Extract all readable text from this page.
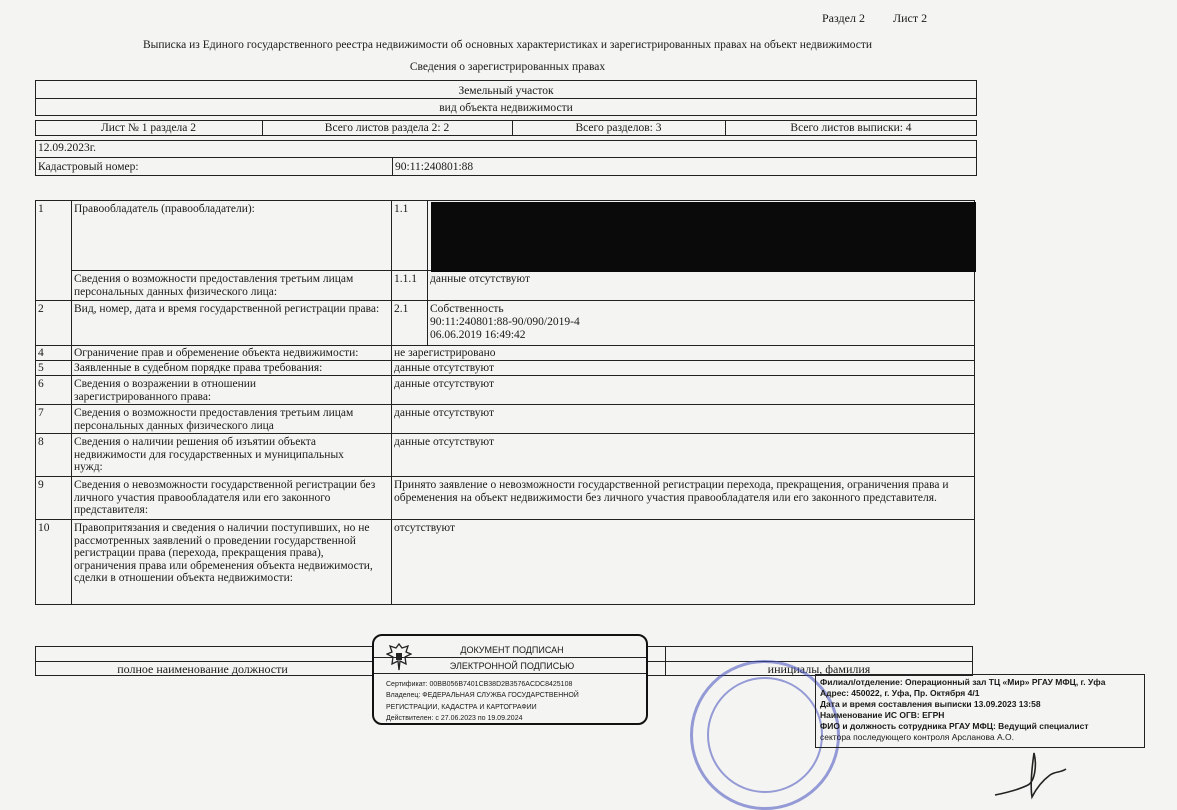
Раздел 2 Лист 2
Выписка из Единого государственного реестра недвижимости об основных характеристиках и зарегистрированных правах на объект недвижимости
Сведения о зарегистрированных правах
Земельный участок
вид объекта недвижимости
Лист № 1 раздела 2	Всего листов раздела 2: 2	Всего разделов: 3	Всего листов выписки: 4
12.09.2023г.
Кадастровый номер:	90:11:240801:88
1	Правообладатель (правообладатели):	1.1
Сведения о возможности предоставления третьим лицам персональных данных физического лица:
1.1.1 данные отсутствуют
2	Вид, номер, дата и время государственной регистрации права:	2.1 Собственность
90:11:240801:88-90/090/2019-4
06.06.2019 16:49:42
4	Ограничение прав и обременение объекта недвижимости:	не зарегистрировано
5	Заявленные в судебном порядке права требования:	данные отсутствуют
6	Сведения о возражении в отношении зарегистрированного права:
данные отсутствуют
7	Сведения о возможности предоставления третьим лицам персональных данных физического лица
данные отсутствуют
8	Сведения о наличии решения об изъятии объекта недвижимости для государственных и муниципальных нужд:
данные отсутствуют
9	Сведения о невозможности государственной регистрации без личного участия правообладателя или его законного представителя:
Принято заявление о невозможности государственной регистрации перехода, прекращения, ограничения права и обременения на объект недвижимости без личного участия правообладателя или его законного представителя.
10 Правопритязания и сведения о наличии поступивших, но не рассмотренных заявлений о проведении государственной регистрации права (перехода, прекращения права), ограничения права или обременения объекта недвижимости, сделки в отношении объекта недвижимости:
отсутствуют
полное наименование должности	инициалы, фамилия
ДОКУМЕНТ ПОДПИСАН
ЭЛЕКТРОННОЙ ПОДПИСЬЮ
Сертификат: 00BB056B7401CB38D2B3576ACDC8425108
Владелец: ФЕДЕРАЛЬНАЯ СЛУЖБА ГОСУДАРСТВЕННОЙ
РЕГИСТРАЦИИ, КАДАСТРА И КАРТОГРАФИИ
Действителен: с 27.06.2023 по 19.09.2024
Филиал/отделение: Операционный зал ТЦ «Мир» РГАУ МФЦ, г. Уфа
Адрес: 450022, г. Уфа, Пр. Октября 4/1
Дата и время составления выписки 13.09.2023 13:58
Наименование ИС ОГВ: ЕГРН
ФИО и должность сотрудника РГАУ МФЦ: Ведущий специалист
сектора последующего контроля Арсланова А.О.
